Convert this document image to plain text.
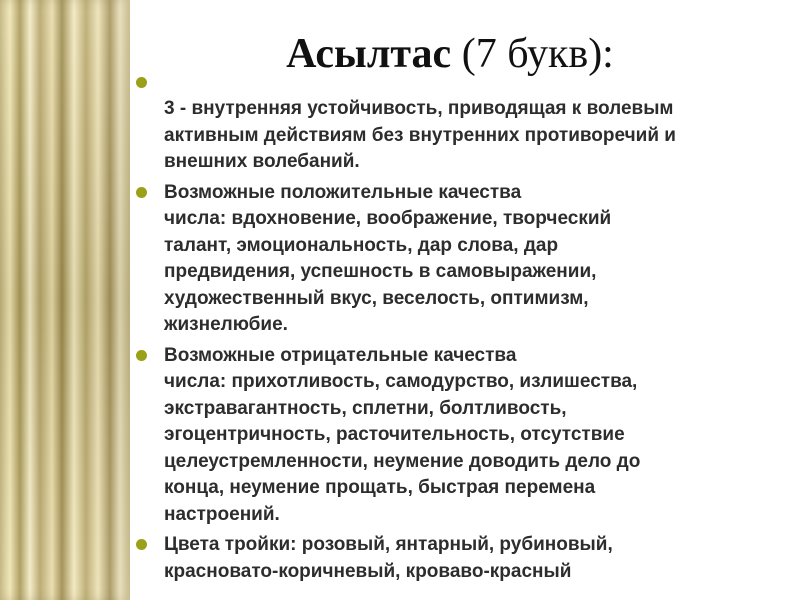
Асылтас (7 букв):
3 - внутренняя устойчивость, приводящая к волевым
активным действиям без внутренних противоречий и
внешних волебаний.
Возможные положительные качества
числа: вдохновение, воображение, творческий
талант, эмоциональность, дар слова, дар
предвидения, успешность в самовыражении,
художественный вкус, веселость, оптимизм,
жизнелюбие.
Возможные отрицательные качества
числа: прихотливость, самодурство, излишества,
экстравагантность, сплетни, болтливость,
эгоцентричность, расточительность, отсутствие
целеустремленности, неумение доводить дело до
конца, неумение прощать, быстрая перемена
настроений.
Цвета тройки: розовый, янтарный, рубиновый,
красновато-коричневый, кроваво-красный
